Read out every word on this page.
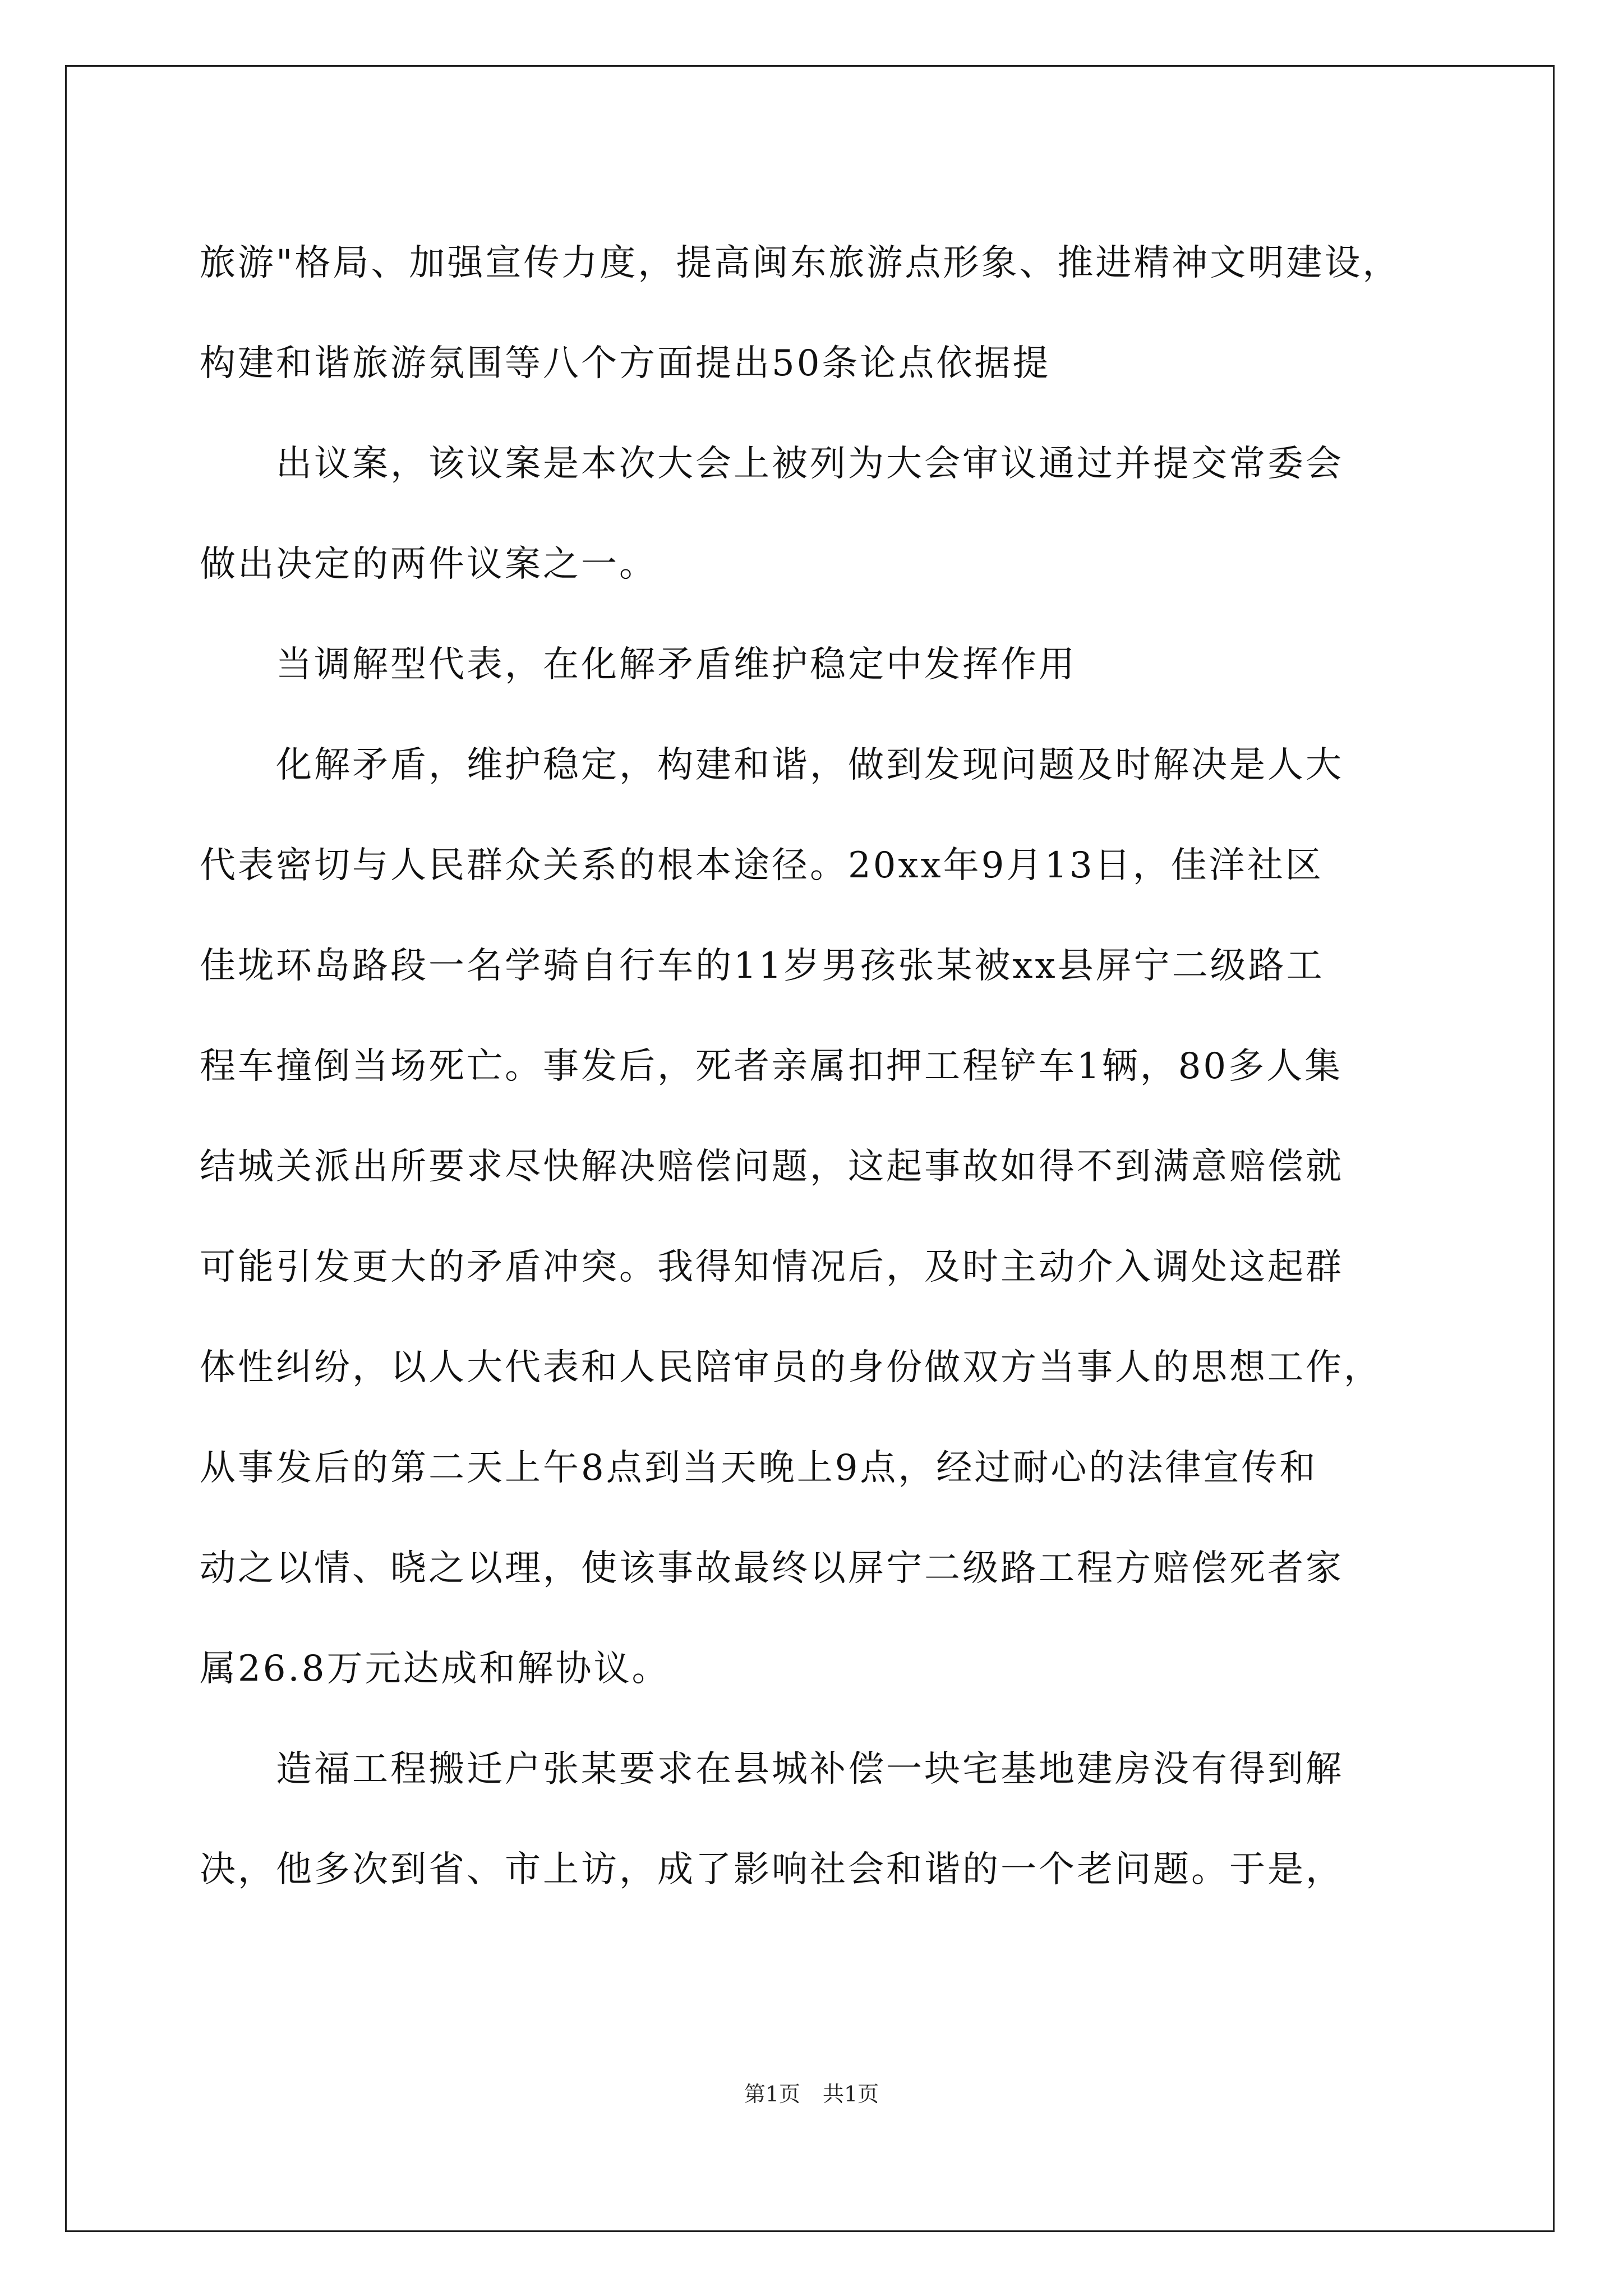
旅游"格局、加强宣传力度，提高闽东旅游点形象、推进精神文明建设，
构建和谐旅游氛围等八个方面提出50条论点依据提
出议案，该议案是本次大会上被列为大会审议通过并提交常委会
做出决定的两件议案之一。
当调解型代表，在化解矛盾维护稳定中发挥作用
化解矛盾，维护稳定，构建和谐，做到发现问题及时解决是人大
代表密切与人民群众关系的根本途径。20xx年9月13日，佳洋社区
佳垅环岛路段一名学骑自行车的11岁男孩张某被xx县屏宁二级路工
程车撞倒当场死亡。事发后，死者亲属扣押工程铲车1辆，80多人集
结城关派出所要求尽快解决赔偿问题，这起事故如得不到满意赔偿就
可能引发更大的矛盾冲突。我得知情况后，及时主动介入调处这起群
体性纠纷，以人大代表和人民陪审员的身份做双方当事人的思想工作，
从事发后的第二天上午8点到当天晚上9点，经过耐心的法律宣传和
动之以情、晓之以理，使该事故最终以屏宁二级路工程方赔偿死者家
属26.8万元达成和解协议。
造福工程搬迁户张某要求在县城补偿一块宅基地建房没有得到解
决，他多次到省、市上访，成了影响社会和谐的一个老问题。于是，
第1页 共1页
